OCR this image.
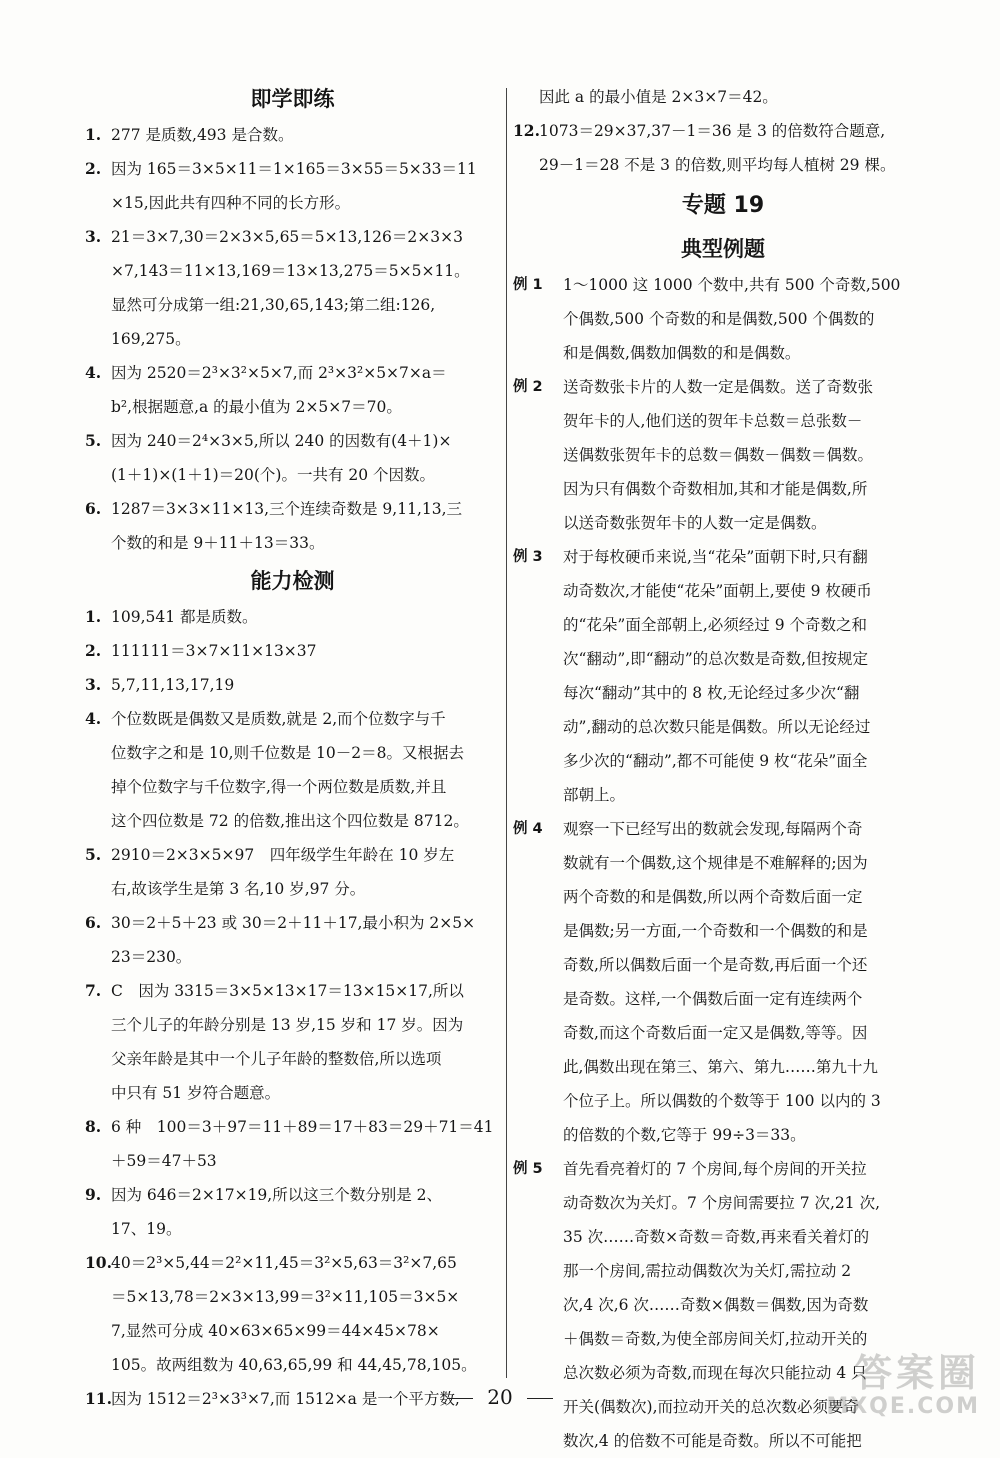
即学即练
1. 277 是质数,493 是合数。
2. 因为 165＝3×5×11＝1×165＝3×55＝5×33＝11
×15,因此共有四种不同的长方形。
3. 21＝3×7,30＝2×3×5,65＝5×13,126＝2×3×3
×7,143＝11×13,169＝13×13,275＝5×5×11。
显然可分成第一组:21,30,65,143;第二组:126,
169,275。
4. 因为 2520＝2³×3²×5×7,而 2³×3²×5×7×a＝
b²,根据题意,a 的最小值为 2×5×7＝70。
5. 因为 240＝2⁴×3×5,所以 240 的因数有(4＋1)×
(1＋1)×(1＋1)＝20(个)。一共有 20 个因数。
6. 1287＝3×3×11×13,三个连续奇数是 9,11,13,三
个数的和是 9＋11＋13＝33。
能力检测
1. 109,541 都是质数。
2. 111111＝3×7×11×13×37
3. 5,7,11,13,17,19
4. 个位数既是偶数又是质数,就是 2,而个位数字与千
位数字之和是 10,则千位数是 10－2＝8。又根据去
掉个位数字与千位数字,得一个两位数是质数,并且
这个四位数是 72 的倍数,推出这个四位数是 8712。
5. 2910＝2×3×5×97　四年级学生年龄在 10 岁左
右,故该学生是第 3 名,10 岁,97 分。
6. 30＝2＋5＋23 或 30＝2＋11＋17,最小积为 2×5×
23＝230。
7. C　因为 3315＝3×5×13×17＝13×15×17,所以
三个儿子的年龄分别是 13 岁,15 岁和 17 岁。因为
父亲年龄是其中一个儿子年龄的整数倍,所以选项
中只有 51 岁符合题意。
8. 6 种　100＝3＋97＝11＋89＝17＋83＝29＋71＝41
＋59＝47＋53
9. 因为 646＝2×17×19,所以这三个数分别是 2、
17、19。
10. 40＝2³×5,44＝2²×11,45＝3²×5,63＝3²×7,65
＝5×13,78＝2×3×13,99＝3²×11,105＝3×5×
7,显然可分成 40×63×65×99＝44×45×78×
105。故两组数为 40,63,65,99 和 44,45,78,105。
11. 因为 1512＝2³×3³×7,而 1512×a 是一个平方数,
因此 a 的最小值是 2×3×7＝42。
12. 1073＝29×37,37－1＝36 是 3 的倍数符合题意,
29－1＝28 不是 3 的倍数,则平均每人植树 29 棵。
专题 19
典型例题
例 1	1～1000 这 1000 个数中,共有 500 个奇数,500
个偶数,500 个奇数的和是偶数,500 个偶数的
和是偶数,偶数加偶数的和是偶数。
例 2	送奇数张卡片的人数一定是偶数。送了奇数张
贺年卡的人,他们送的贺年卡总数＝总张数－
送偶数张贺年卡的总数＝偶数－偶数＝偶数。
因为只有偶数个奇数相加,其和才能是偶数,所
以送奇数张贺年卡的人数一定是偶数。
例 3	对于每枚硬币来说,当“花朵”面朝下时,只有翻
动奇数次,才能使“花朵”面朝上,要使 9 枚硬币
的“花朵”面全部朝上,必须经过 9 个奇数之和
次“翻动”,即“翻动”的总次数是奇数,但按规定
每次“翻动”其中的 8 枚,无论经过多少次“翻
动”,翻动的总次数只能是偶数。所以无论经过
多少次的“翻动”,都不可能使 9 枚“花朵”面全
部朝上。
例 4	观察一下已经写出的数就会发现,每隔两个奇
数就有一个偶数,这个规律是不难解释的;因为
两个奇数的和是偶数,所以两个奇数后面一定
是偶数;另一方面,一个奇数和一个偶数的和是
奇数,所以偶数后面一个是奇数,再后面一个还
是奇数。这样,一个偶数后面一定有连续两个
奇数,而这个奇数后面一定又是偶数,等等。因
此,偶数出现在第三、第六、第九……第九十九
个位子上。所以偶数的个数等于 100 以内的 3
的倍数的个数,它等于 99÷3＝33。
例 5	首先看亮着灯的 7 个房间,每个房间的开关拉
动奇数次为关灯。7 个房间需要拉 7 次,21 次,
35 次……奇数×奇数＝奇数,再来看关着灯的
那一个房间,需拉动偶数次为关灯,需拉动 2
次,4 次,6 次……奇数×偶数＝偶数,因为奇数
＋偶数＝奇数,为使全部房间关灯,拉动开关的
总次数必须为奇数,而现在每次只能拉动 4 只
开关(偶数次),而拉动开关的总次数必须要奇
数次,4 的倍数不可能是奇数。所以不可能把
20
答案圈
MXQE.COM
